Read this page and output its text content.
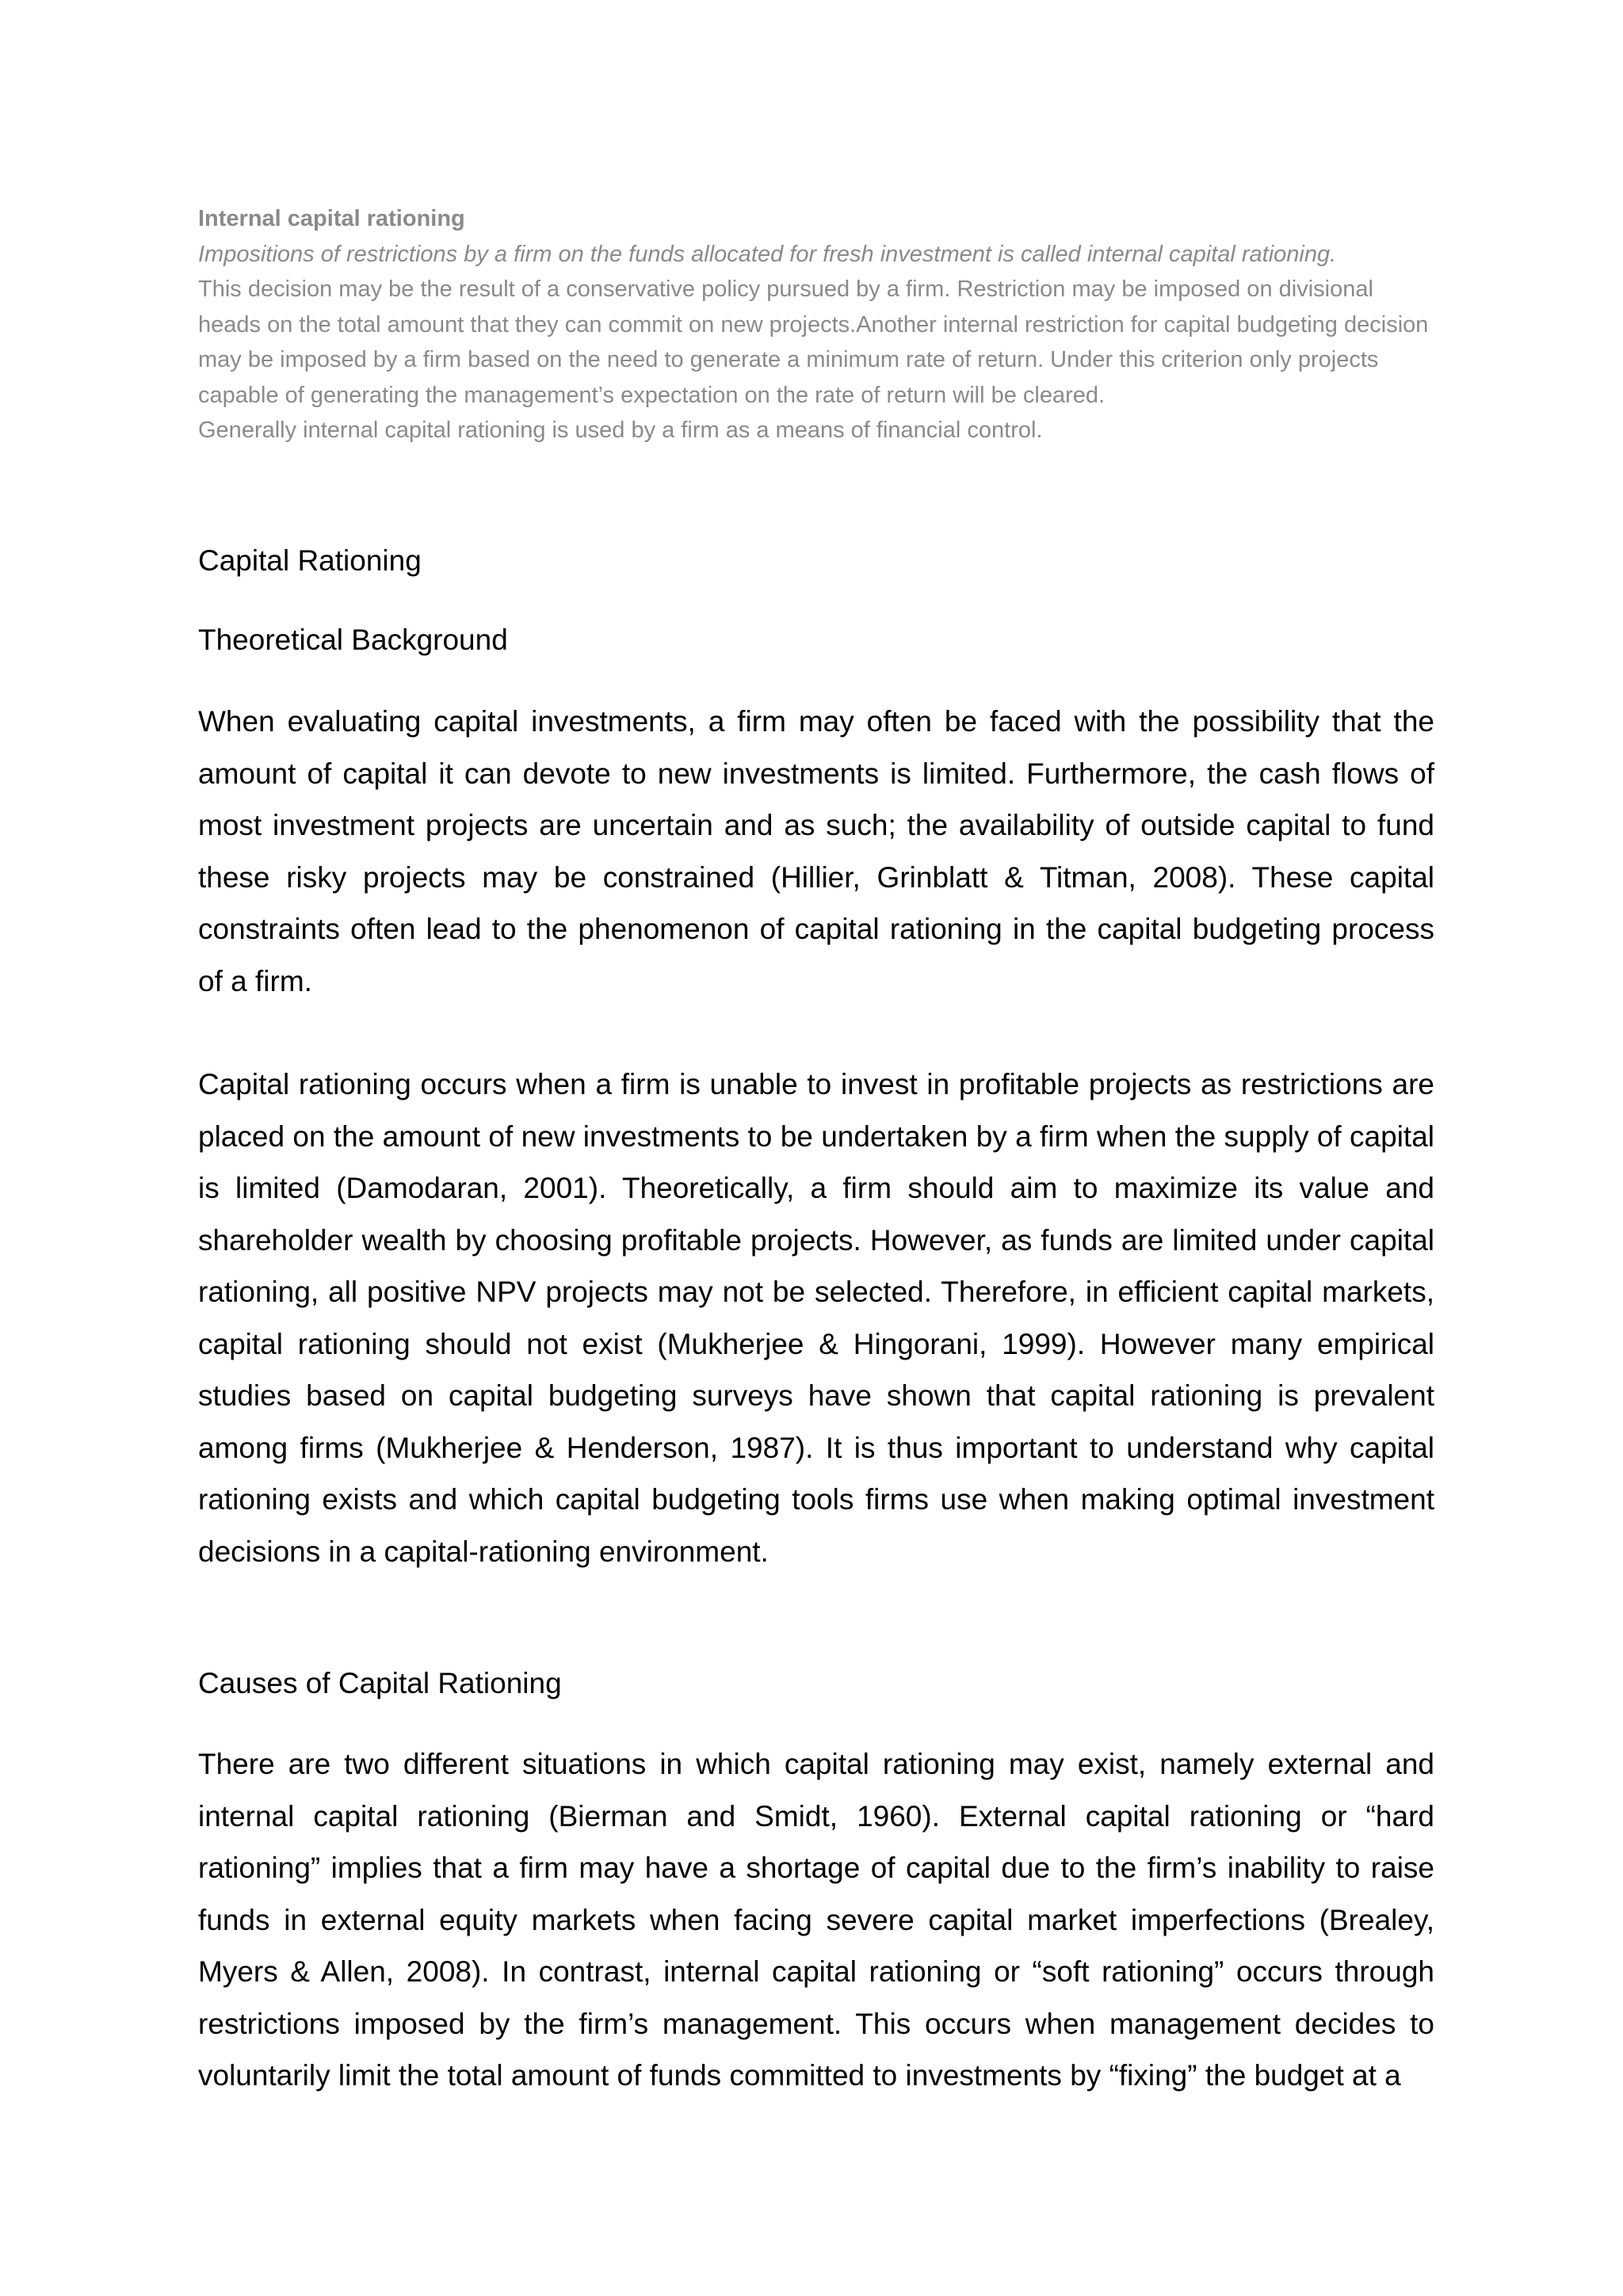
Internal capital rationing
Impositions of restrictions by a firm on the funds allocated for fresh investment is called internal capital rationing.
This decision may be the result of a conservative policy pursued by a firm. Restriction may be imposed on divisional heads on the total amount that they can commit on new projects.Another internal restriction for capital budgeting decision may be imposed by a firm based on the need to generate a minimum rate of return. Under this criterion only projects capable of generating the management’s expectation on the rate of return will be cleared.
Generally internal capital rationing is used by a firm as a means of financial control.
Capital Rationing
Theoretical Background
When evaluating capital investments, a firm may often be faced with the possibility that the amount of capital it can devote to new investments is limited. Furthermore, the cash flows of most investment projects are uncertain and as such; the availability of outside capital to fund these risky projects may be constrained (Hillier, Grinblatt & Titman, 2008). These capital constraints often lead to the phenomenon of capital rationing in the capital budgeting process of a firm.
Capital rationing occurs when a firm is unable to invest in profitable projects as restrictions are placed on the amount of new investments to be undertaken by a firm when the supply of capital is limited (Damodaran, 2001). Theoretically, a firm should aim to maximize its value and shareholder wealth by choosing profitable projects. However, as funds are limited under capital rationing, all positive NPV projects may not be selected. Therefore, in efficient capital markets, capital rationing should not exist (Mukherjee & Hingorani, 1999). However many empirical studies based on capital budgeting surveys have shown that capital rationing is prevalent among firms (Mukherjee & Henderson, 1987). It is thus important to understand why capital rationing exists and which capital budgeting tools firms use when making optimal investment decisions in a capital-rationing environment.
Causes of Capital Rationing
There are two different situations in which capital rationing may exist, namely external and internal capital rationing (Bierman and Smidt, 1960). External capital rationing or “hard rationing” implies that a firm may have a shortage of capital due to the firm’s inability to raise funds in external equity markets when facing severe capital market imperfections (Brealey, Myers & Allen, 2008). In contrast, internal capital rationing or “soft rationing” occurs through restrictions imposed by the firm’s management. This occurs when management decides to voluntarily limit the total amount of funds committed to investments by “fixing” the budget at a
